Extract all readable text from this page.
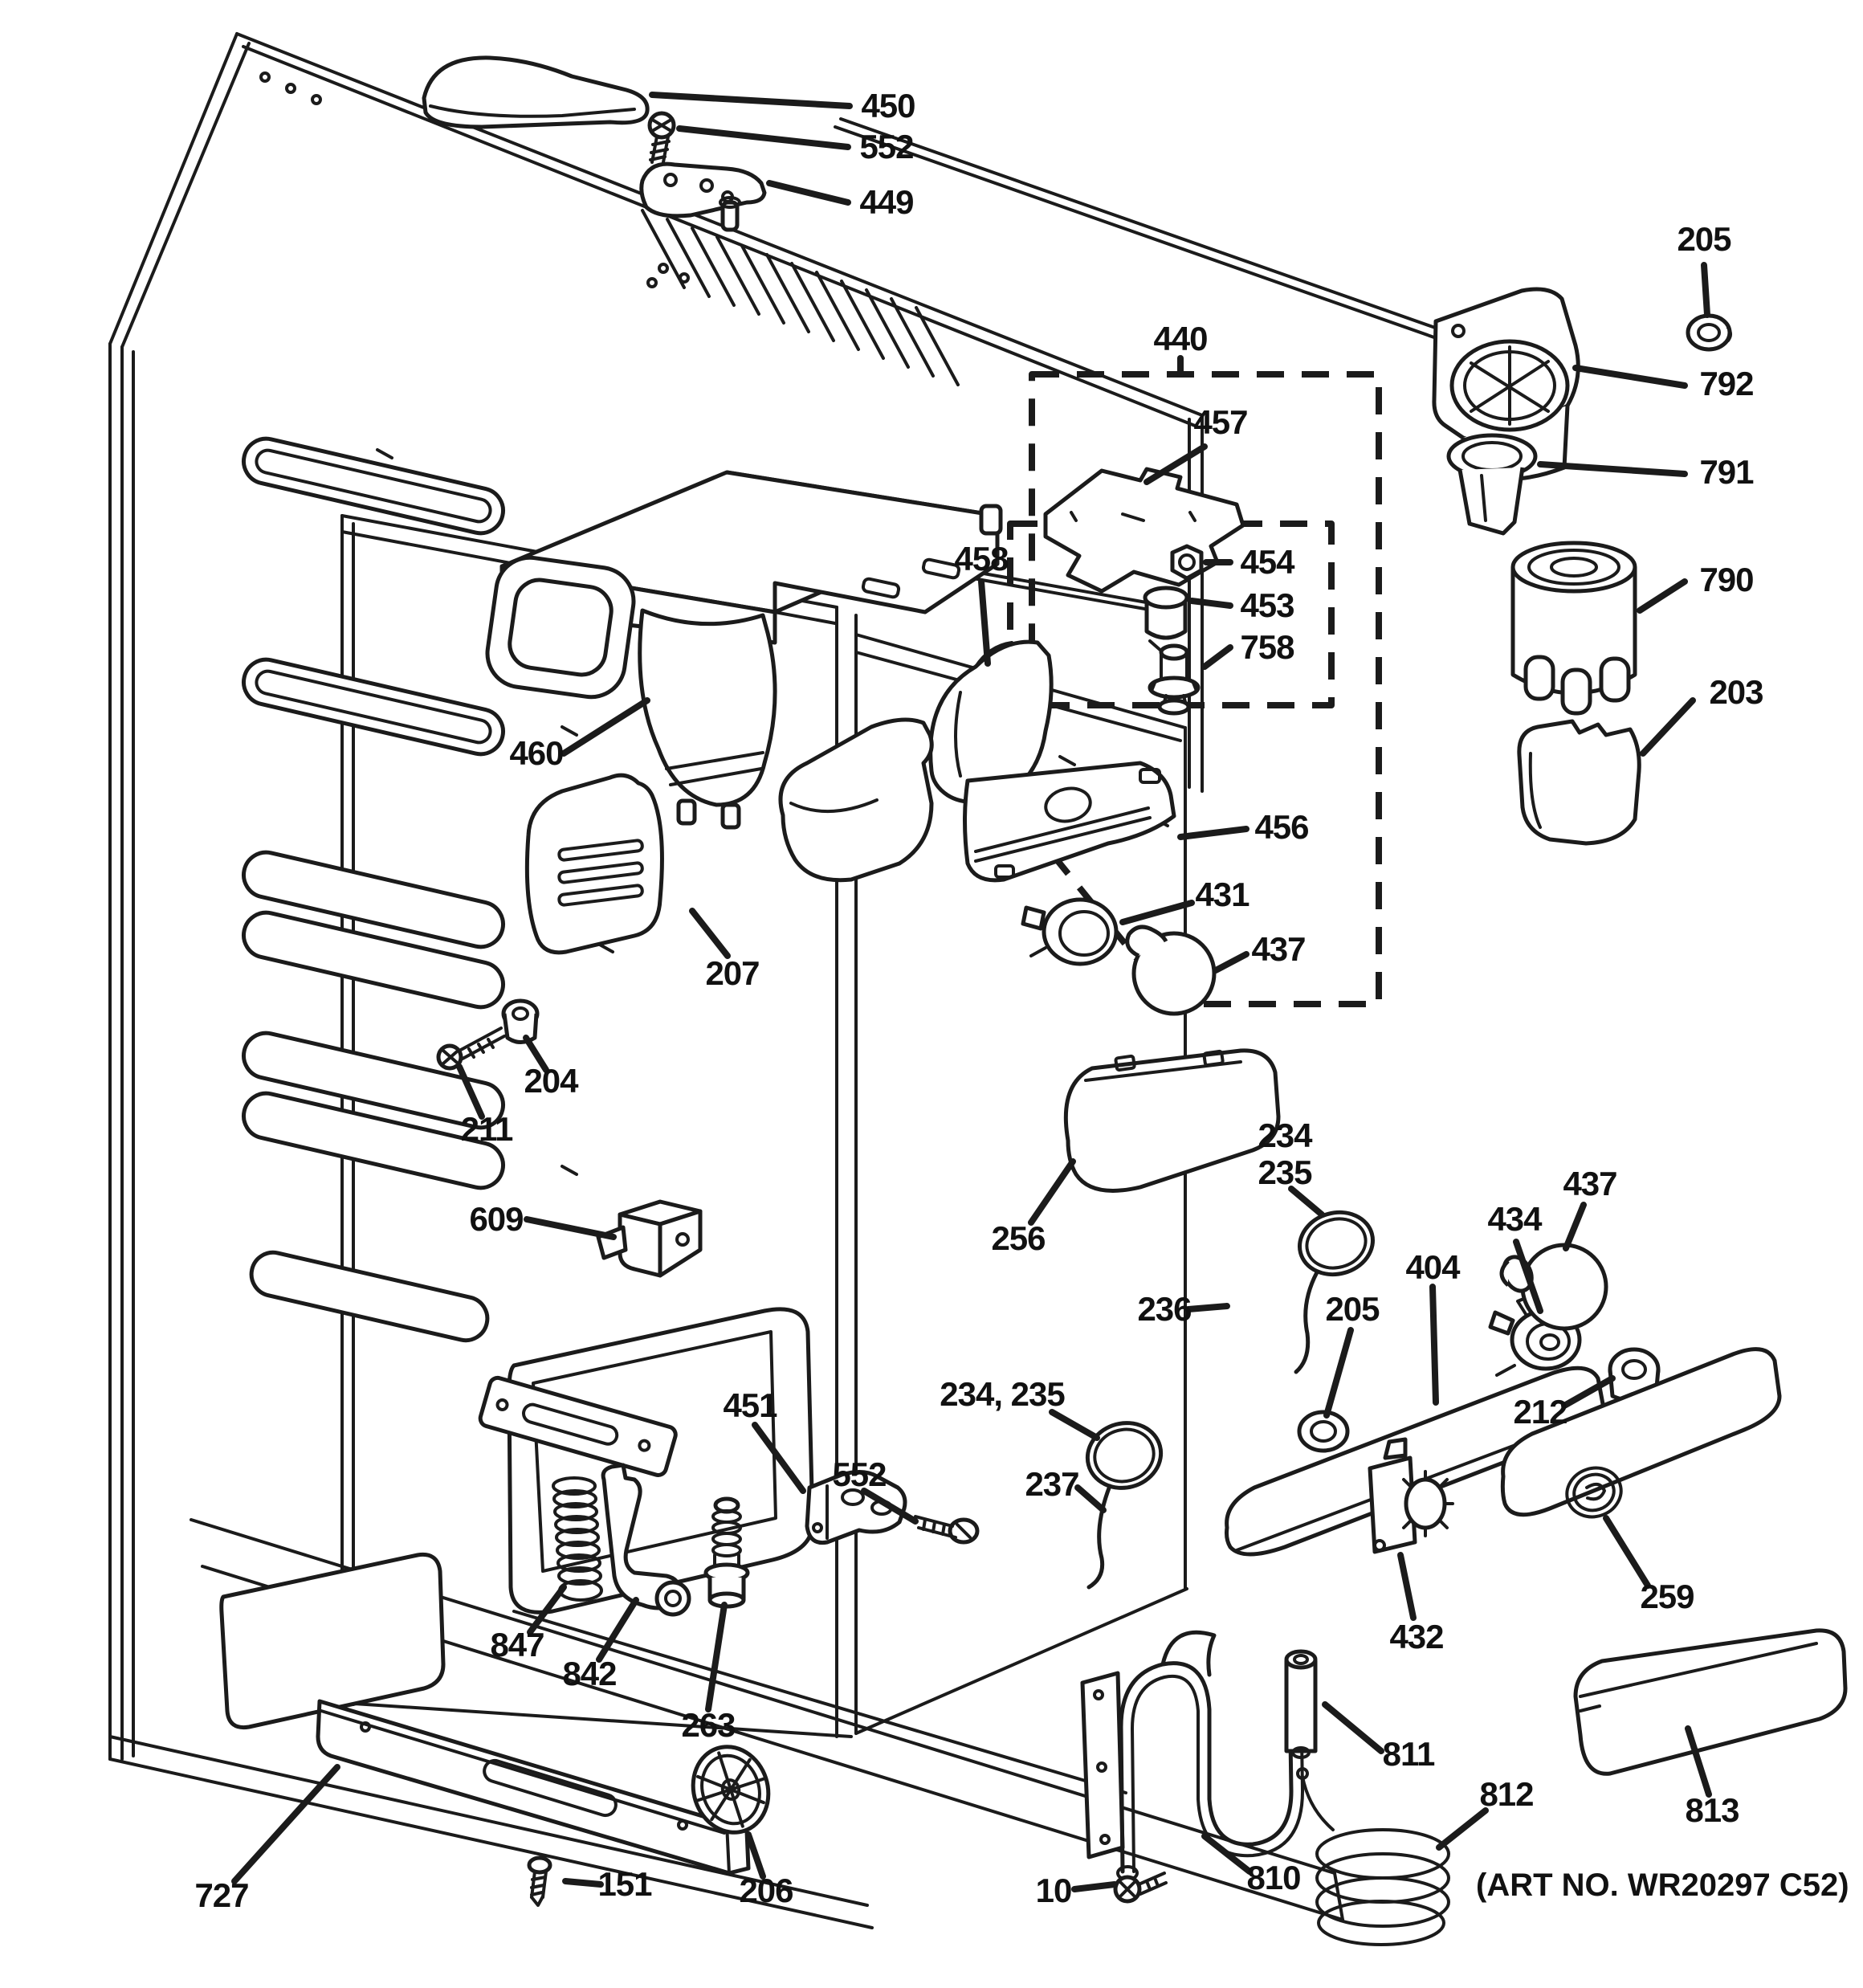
450
552
449
205
792
791
790
203
440
457
458	454
453
758
456
431
437
460
207
204
211
609
256
234
235
236	205
404
434
437
212
234, 235
237
432
259
451
552
847
842
263
727	151	206	10	810
811
812	813
(ART NO. WR20297 C52)
